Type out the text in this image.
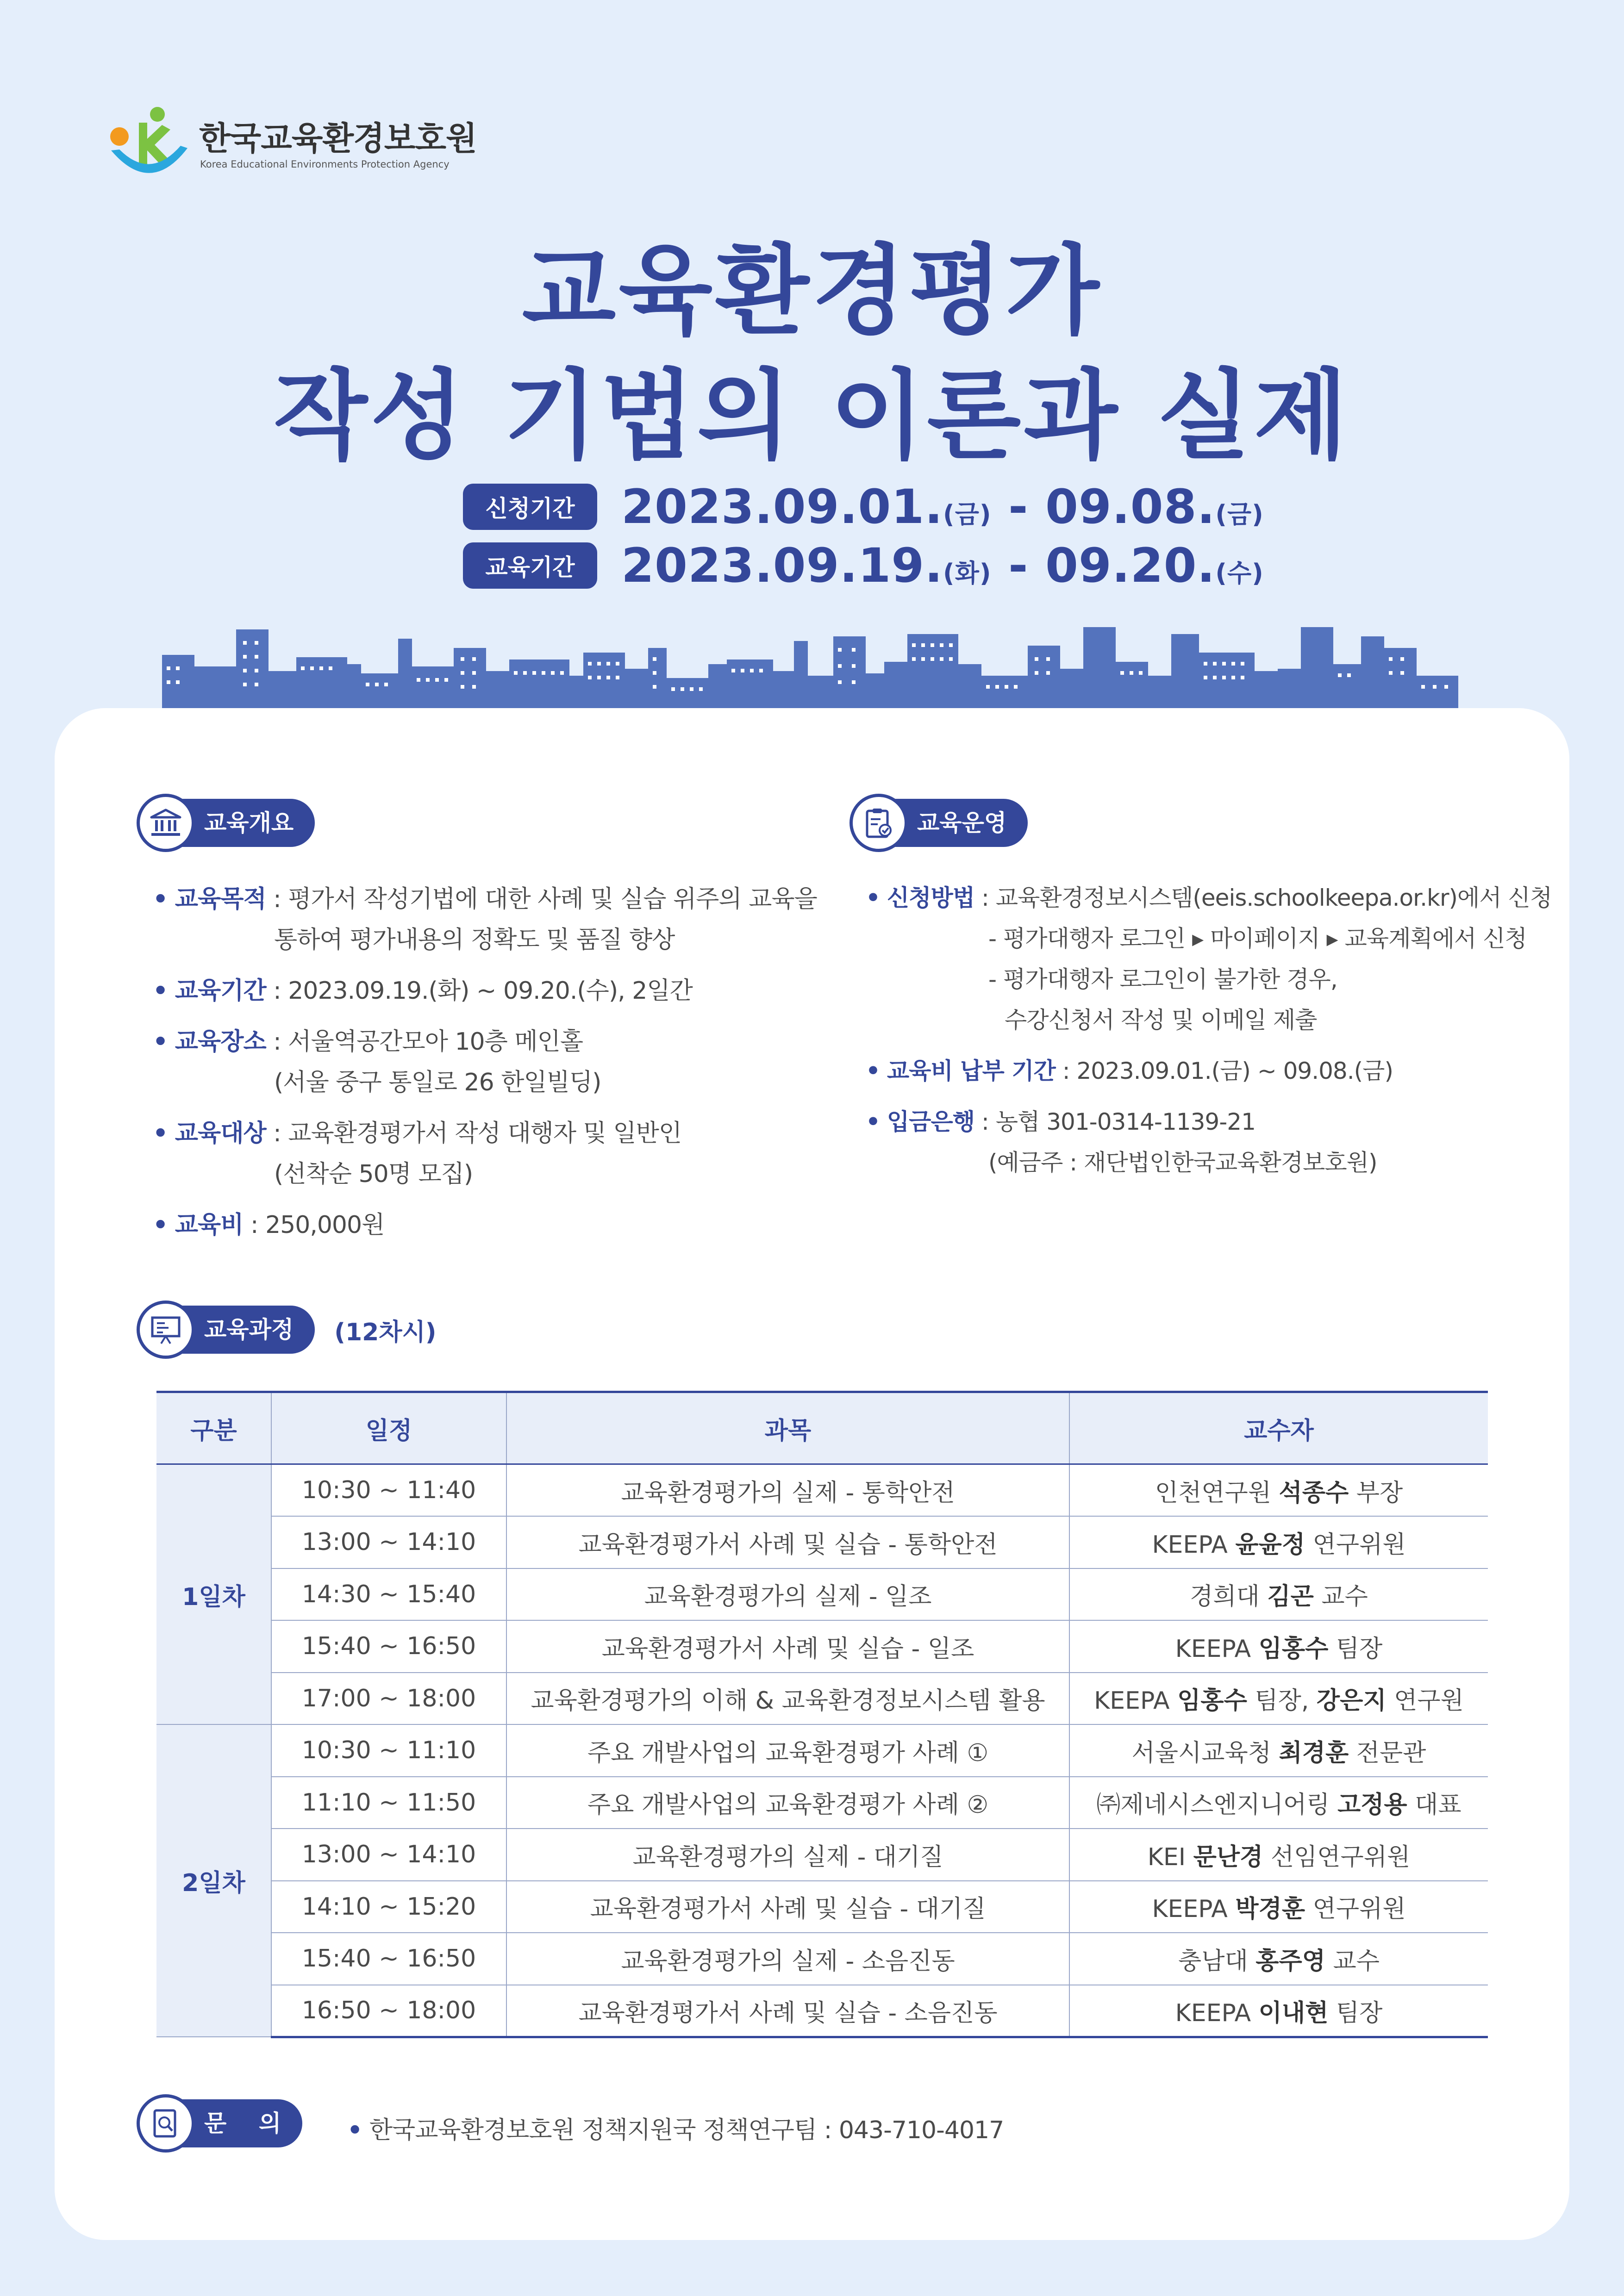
한국교육환경보호원
Korea Educational Environments Protection Agency
교육환경평가
작성 기법의 이론과 실제
신청기간 2023.09.01.(금) - 09.08.(금)
교육기간 2023.09.19.(화) - 09.20.(수)
교육개요	교육운영
• 교육목적 : 평가서 작성기법에 대한 사례 및 실습 위주의 교육을
통하여 평가내용의 정확도 및 품질 향상
• 교육기간 : 2023.09.19.(화) ~ 09.20.(수), 2일간
• 교육장소 : 서울역공간모아 10층 메인홀
(서울 중구 통일로 26 한일빌딩)
• 교육대상 : 교육환경평가서 작성 대행자 및 일반인
(선착순 50명 모집)
• 교육비 : 250,000원
• 신청방법 : 교육환경정보시스템(eeis.schoolkeepa.or.kr)에서 신청
- 평가대행자 로그인 ▸ 마이페이지 ▸ 교육계획에서 신청
- 평가대행자 로그인이 불가한 경우,
수강신청서 작성 및 이메일 제출
• 교육비 납부 기간 : 2023.09.01.(금) ~ 09.08.(금)
• 입금은행 : 농협 301-0314-1139-21
(예금주 : 재단법인한국교육환경보호원)
교육과정	(12차시)
구분	일정	과목	교수자
1일차	10:30 ~ 11:40	교육환경평가의 실제 - 통학안전	인천연구원 석종수 부장
	13:00 ~ 14:10	교육환경평가서 사례 및 실습 - 통학안전	KEEPA 윤윤정 연구위원
	14:30 ~ 15:40	교육환경평가의 실제 - 일조	경희대 김곤 교수
	15:40 ~ 16:50	교육환경평가서 사례 및 실습 - 일조	KEEPA 임홍수 팀장
	17:00 ~ 18:00	교육환경평가의 이해 & 교육환경정보시스템 활용	KEEPA 임홍수 팀장, 강은지 연구원
2일차	10:30 ~ 11:10	주요 개발사업의 교육환경평가 사례 ①	서울시교육청 최경훈 전문관
	11:10 ~ 11:50	주요 개발사업의 교육환경평가 사례 ②	㈜제네시스엔지니어링 고정용 대표
	13:00 ~ 14:10	교육환경평가의 실제 - 대기질	KEI 문난경 선임연구위원
	14:10 ~ 15:20	교육환경평가서 사례 및 실습 - 대기질	KEEPA 박경훈 연구위원
	15:40 ~ 16:50	교육환경평가의 실제 - 소음진동	충남대 홍주영 교수
	16:50 ~ 18:00	교육환경평가서 사례 및 실습 - 소음진동	KEEPA 이내현 팀장
문    의	• 한국교육환경보호원 정책지원국 정책연구팀 : 043-710-4017
